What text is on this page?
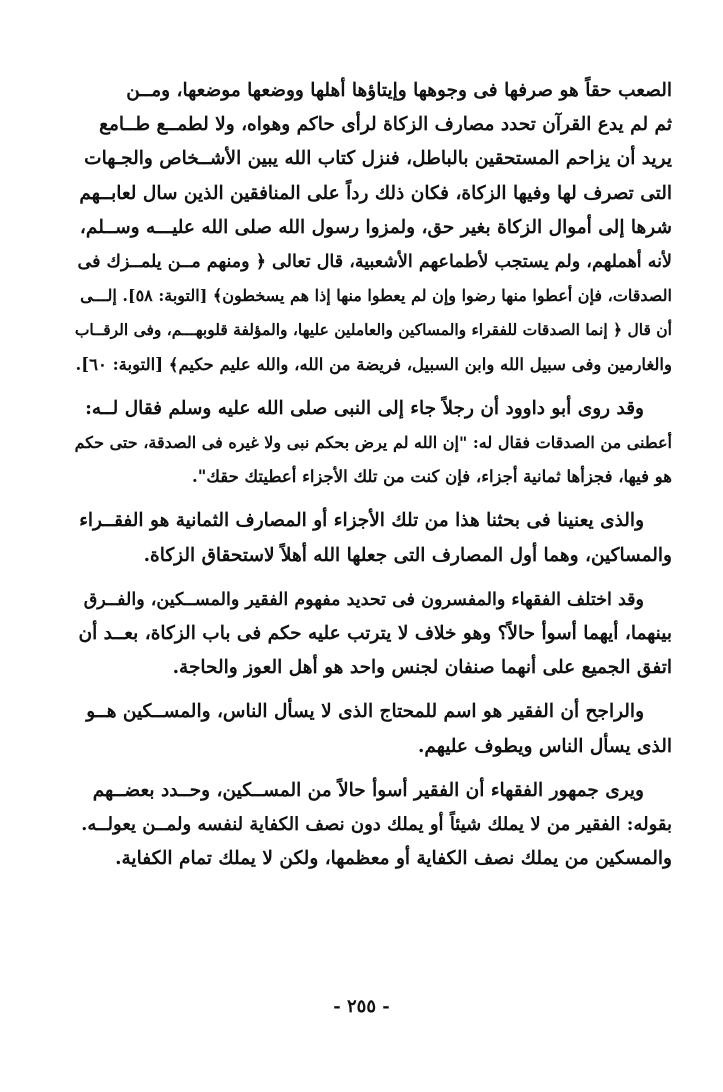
الصعب حقاً هو صرفها فى وجوهها وإيتاؤها أهلها ووضعها موضعها، ومــن
ثم لم يدع القرآن تحدد مصارف الزكاة لرأى حاكم وهواه، ولا لطمــع طــامع
يريد أن يزاحم المستحقين بالباطل، فنزل كتاب الله يبين الأشــخاص والجـهات
التى تصرف لها وفيها الزكاة، فكان ذلك رداً على المنافقين الذين سال لعابــهم
شرها إلى أموال الزكاة بغير حق، ولمزوا رسول الله صلى الله عليـــه وســلم،
لأنه أهملهم، ولم يستجب لأطماعهم الأشعبية، قال تعالى ﴿ ومنهم مــن يلمــزك فى
الصدقات، فإن أعطوا منها رضوا وإن لم يعطوا منها إذا هم يسخطون﴾ [التوبة: ٥٨]. إلـــى
أن قال ﴿ إنما الصدقات للفقراء والمساكين والعاملين عليها، والمؤلفة قلوبهـــم، وفى الرقــاب
والغارمين وفى سبيل الله وابن السبيل، فريضة من الله، والله عليم حكيم﴾ [التوبة: ٦٠].
وقد روى أبو داوود أن رجلاً جاء إلى النبى صلى الله عليه وسلم فقال لــه:
أعطنى من الصدقات فقال له: "إن الله لم يرض بحكم نبى ولا غيره فى الصدقة، حتى حكم
هو فيها، فجزأها ثمانية أجزاء، فإن كنت من تلك الأجزاء أعطيتك حقك".
والذى يعنينا فى بحثنا هذا من تلك الأجزاء أو المصارف الثمانية هو الفقــراء
والمساكين، وهما أول المصارف التى جعلها الله أهلاً لاستحقاق الزكاة.
وقد اختلف الفقهاء والمفسرون فى تحديد مفهوم الفقير والمســكين، والفــرق
بينهما، أيهما أسوأ حالاً؟ وهو خلاف لا يترتب عليه حكم فى باب الزكاة، بعــد أن
اتفق الجميع على أنهما صنفان لجنس واحد هو أهل العوز والحاجة.
والراجح أن الفقير هو اسم للمحتاج الذى لا يسأل الناس، والمســكين هــو
الذى يسأل الناس ويطوف عليهم.
ويرى جمهور الفقهاء أن الفقير أسوأ حالاً من المســكين، وحــدد بعضــهم
بقوله: الفقير من لا يملك شيئاً أو يملك دون نصف الكفاية لنفسه ولمــن يعولــه.
والمسكين من يملك نصف الكفاية أو معظمها، ولكن لا يملك تمام الكفاية.
- ٢٥٥ -
